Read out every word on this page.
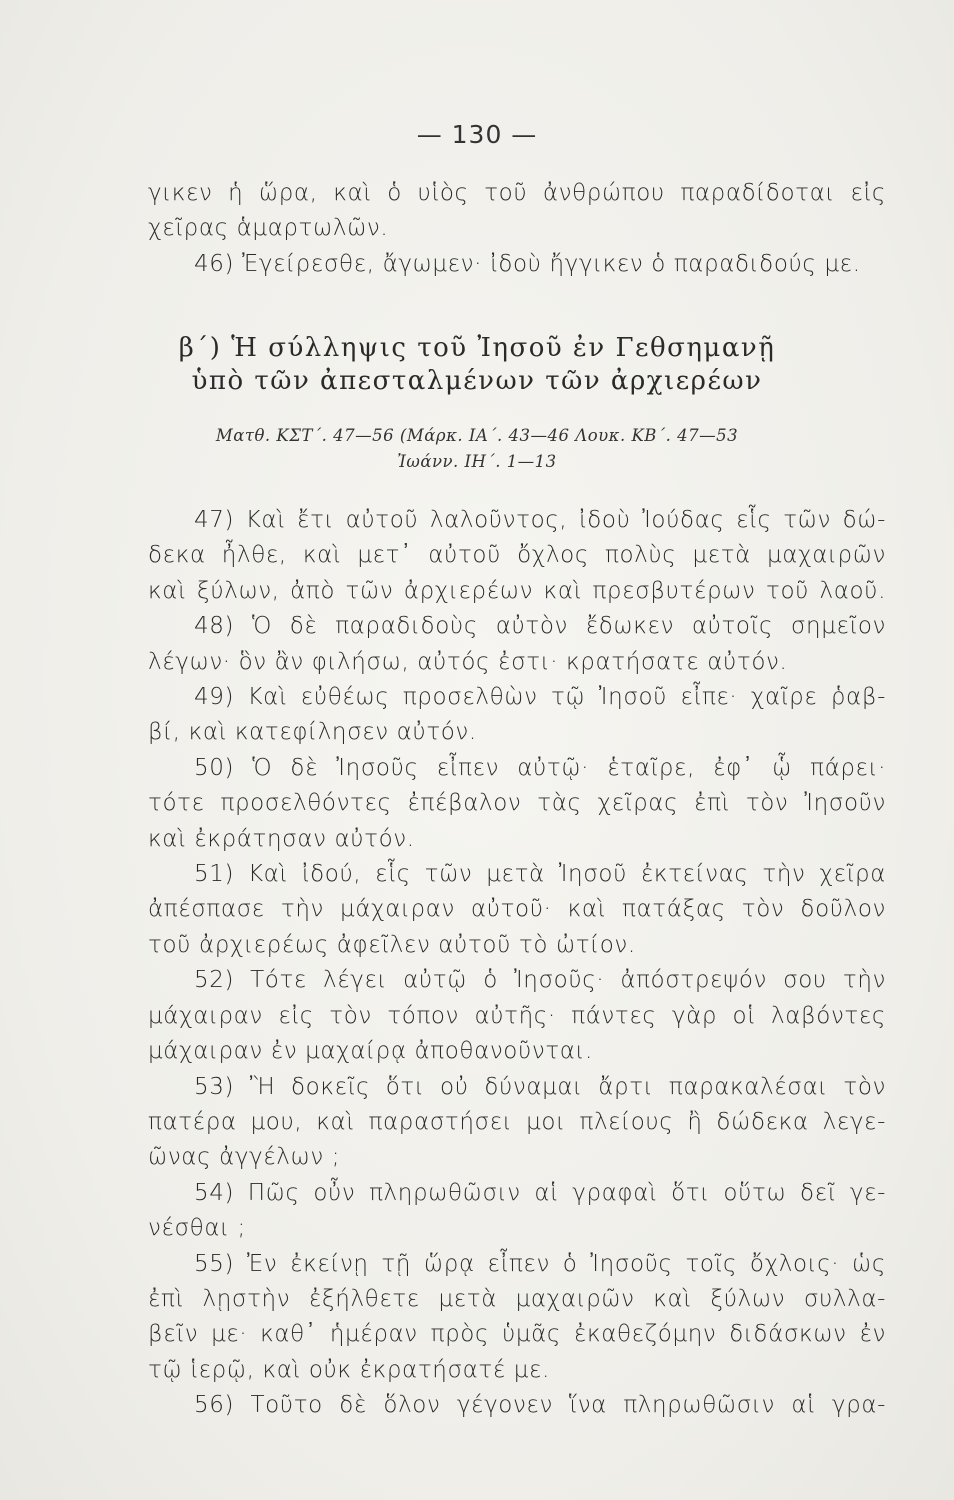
— 130 —
γικεν ἡ ὥρα, καὶ ὁ υἱὸς τοῦ ἀνθρώπου παραδίδοται εἰς
χεῖρας ἁμαρτωλῶν.
46) Ἐγείρεσθε, ἄγωμεν· ἰδοὺ ἤγγικεν ὁ παραδιδούς με.
β΄) Ἡ σύλληψις τοῦ Ἰησοῦ ἐν Γεθσημανῇ
ὑπὸ τῶν ἀπεσταλμένων τῶν ἀρχιερέων
Ματθ. ΚΣΤ΄. 47—56 (Μάρκ. ΙΑ΄. 43—46 Λουκ. ΚΒ΄. 47—53
Ἰωάνν. ΙΗ΄. 1—13
47) Καὶ ἔτι αὐτοῦ λαλοῦντος, ἰδοὺ Ἰούδας εἷς τῶν δώ-
δεκα ἦλθε, καὶ μετ᾽ αὐτοῦ ὄχλος πολὺς μετὰ μαχαιρῶν
καὶ ξύλων, ἀπὸ τῶν ἀρχιερέων καὶ πρεσβυτέρων τοῦ λαοῦ.
48) Ὁ δὲ παραδιδοὺς αὐτὸν ἔδωκεν αὐτοῖς σημεῖον
λέγων· ὃν ἂν φιλήσω, αὐτός ἐστι· κρατήσατε αὐτόν.
49) Καὶ εὐθέως προσελθὼν τῷ Ἰησοῦ εἶπε· χαῖρε ῥαβ-
βί, καὶ κατεφίλησεν αὐτόν.
50) Ὁ δὲ Ἰησοῦς εἶπεν αὐτῷ· ἑταῖρε, ἐφ᾽ ᾧ πάρει·
τότε προσελθόντες ἐπέβαλον τὰς χεῖρας ἐπὶ τὸν Ἰησοῦν
καὶ ἐκράτησαν αὐτόν.
51) Καὶ ἰδού, εἷς τῶν μετὰ Ἰησοῦ ἐκτείνας τὴν χεῖρα
ἀπέσπασε τὴν μάχαιραν αὐτοῦ· καὶ πατάξας τὸν δοῦλον
τοῦ ἀρχιερέως ἀφεῖλεν αὐτοῦ τὸ ὠτίον.
52) Τότε λέγει αὐτῷ ὁ Ἰησοῦς· ἀπόστρεψόν σου τὴν
μάχαιραν εἰς τὸν τόπον αὐτῆς· πάντες γὰρ οἱ λαβόντες
μάχαιραν ἐν μαχαίρᾳ ἀποθανοῦνται.
53) Ἢ δοκεῖς ὅτι οὐ δύναμαι ἄρτι παρακαλέσαι τὸν
πατέρα μου, καὶ παραστήσει μοι πλείους ἢ δώδεκα λεγε-
ῶνας ἀγγέλων ;
54) Πῶς οὖν πληρωθῶσιν αἱ γραφαὶ ὅτι οὕτω δεῖ γε-
νέσθαι ;
55) Ἐν ἐκείνῃ τῇ ὥρᾳ εἶπεν ὁ Ἰησοῦς τοῖς ὄχλοις· ὡς
ἐπὶ λῃστὴν ἐξήλθετε μετὰ μαχαιρῶν καὶ ξύλων συλλα-
βεῖν με· καθ᾽ ἡμέραν πρὸς ὑμᾶς ἐκαθεζόμην διδάσκων ἐν
τῷ ἱερῷ, καὶ οὐκ ἐκρατήσατέ με.
56) Τοῦτο δὲ ὅλον γέγονεν ἵνα πληρωθῶσιν αἱ γρα-
